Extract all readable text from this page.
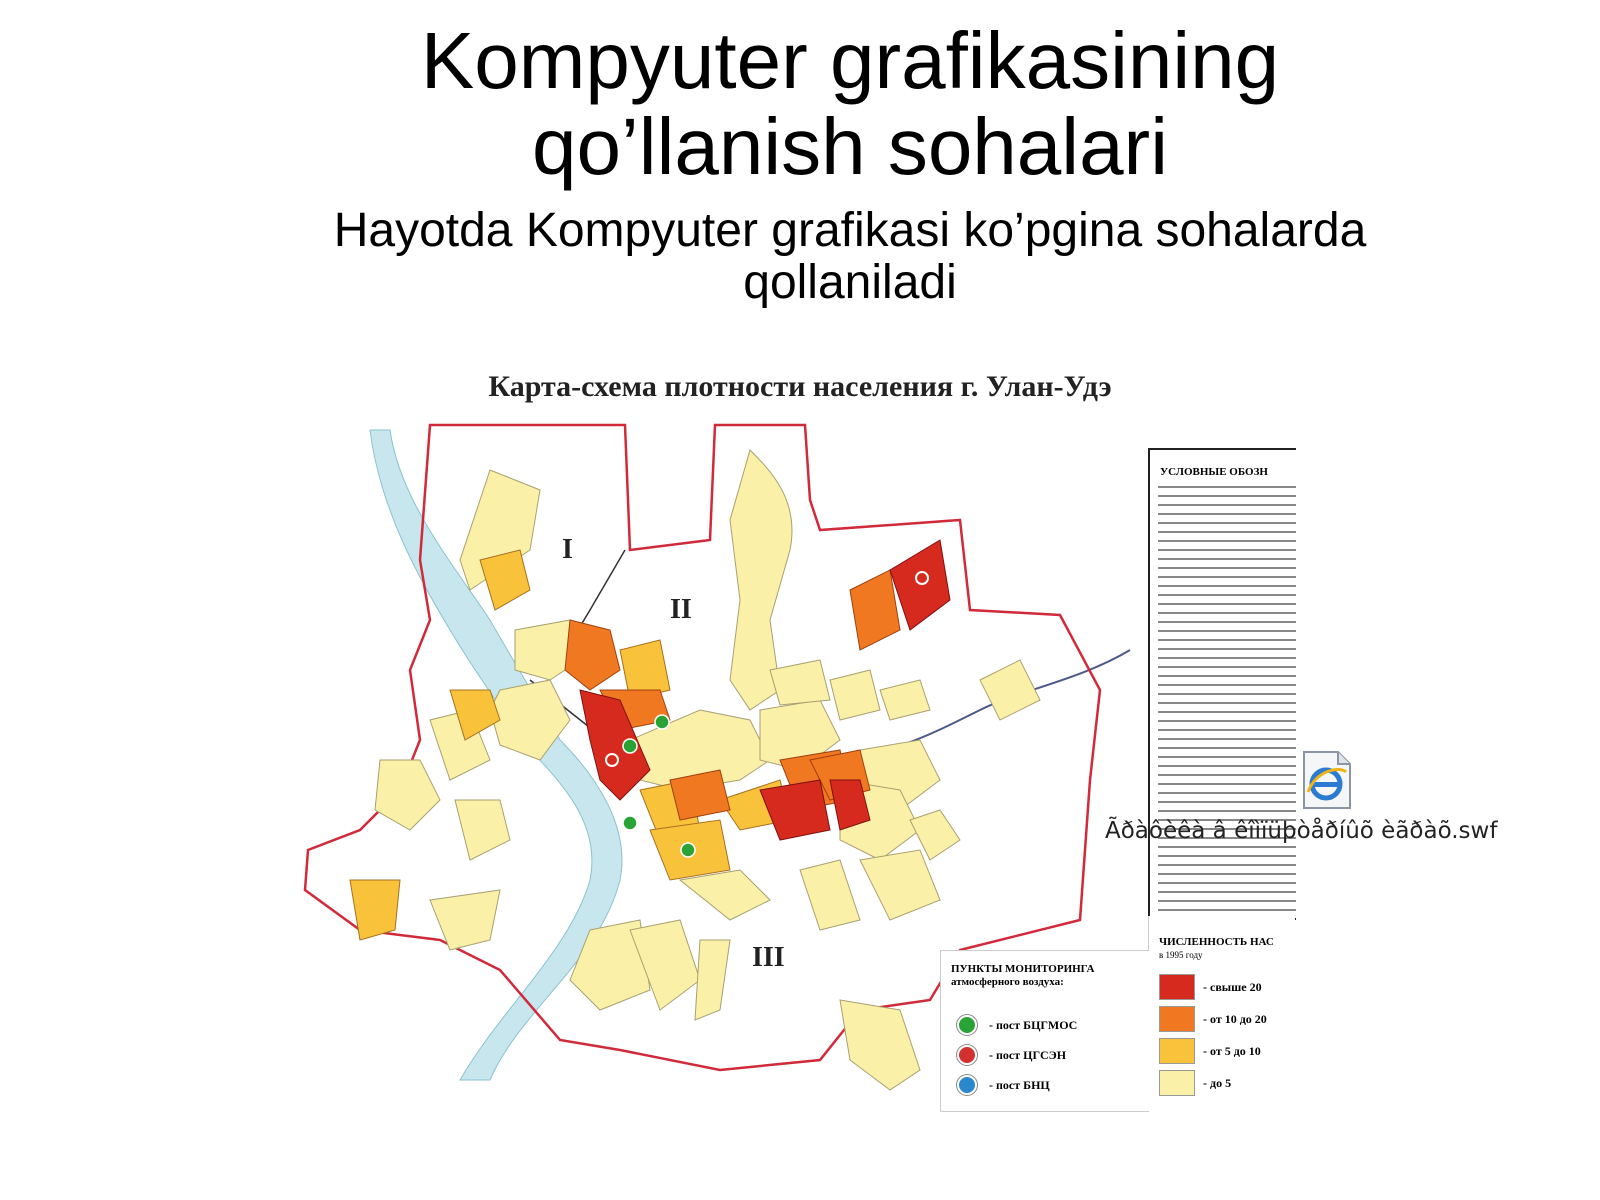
Kompyuter grafikasining qo’llanish sohalari
Hayotda Kompyuter grafikasi ko’pgina sohalarda qollaniladi
Карта-схема плотности населения г. Улан-Удэ
I
II
III
УСЛОВНЫЕ ОБОЗН
ЧИСЛЕННОСТЬ НАС
в 1995 году
- свыше 20
- от 10 до 20
- от 5 до 10
- до 5
ПУНКТЫ МОНИТОРИНГА атмосферного воздуха:
- пост БЦГМОС
- пост ЦГСЭН
- пост БНЦ
Ãðàôèêà â êîìïüþòåðíûõ èãðàõ.swf
